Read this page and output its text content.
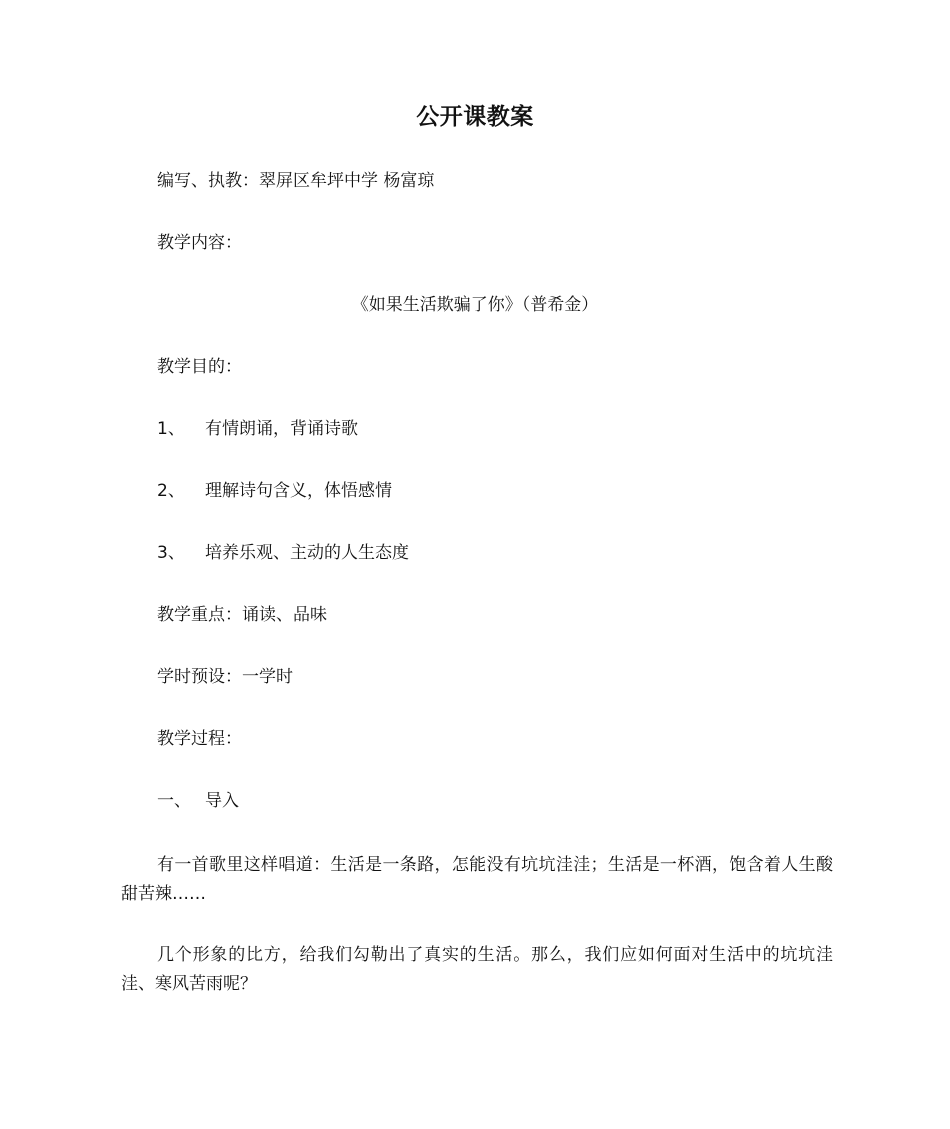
公开课教案
编写、执教：翠屏区牟坪中学 杨富琼
教学内容：
《如果生活欺骗了你》（普希金）
教学目的：
1、 有情朗诵，背诵诗歌
2、 理解诗句含义，体悟感情
3、 培养乐观、主动的人生态度
教学重点：诵读、品味
学时预设：一学时
教学过程：
一、 导入
有一首歌里这样唱道：生活是一条路，怎能没有坑坑洼洼；生活是一杯酒，饱含着人生酸甜苦辣……
几个形象的比方，给我们勾勒出了真实的生活。那么，我们应如何面对生活中的坑坑洼洼、寒风苦雨呢？
